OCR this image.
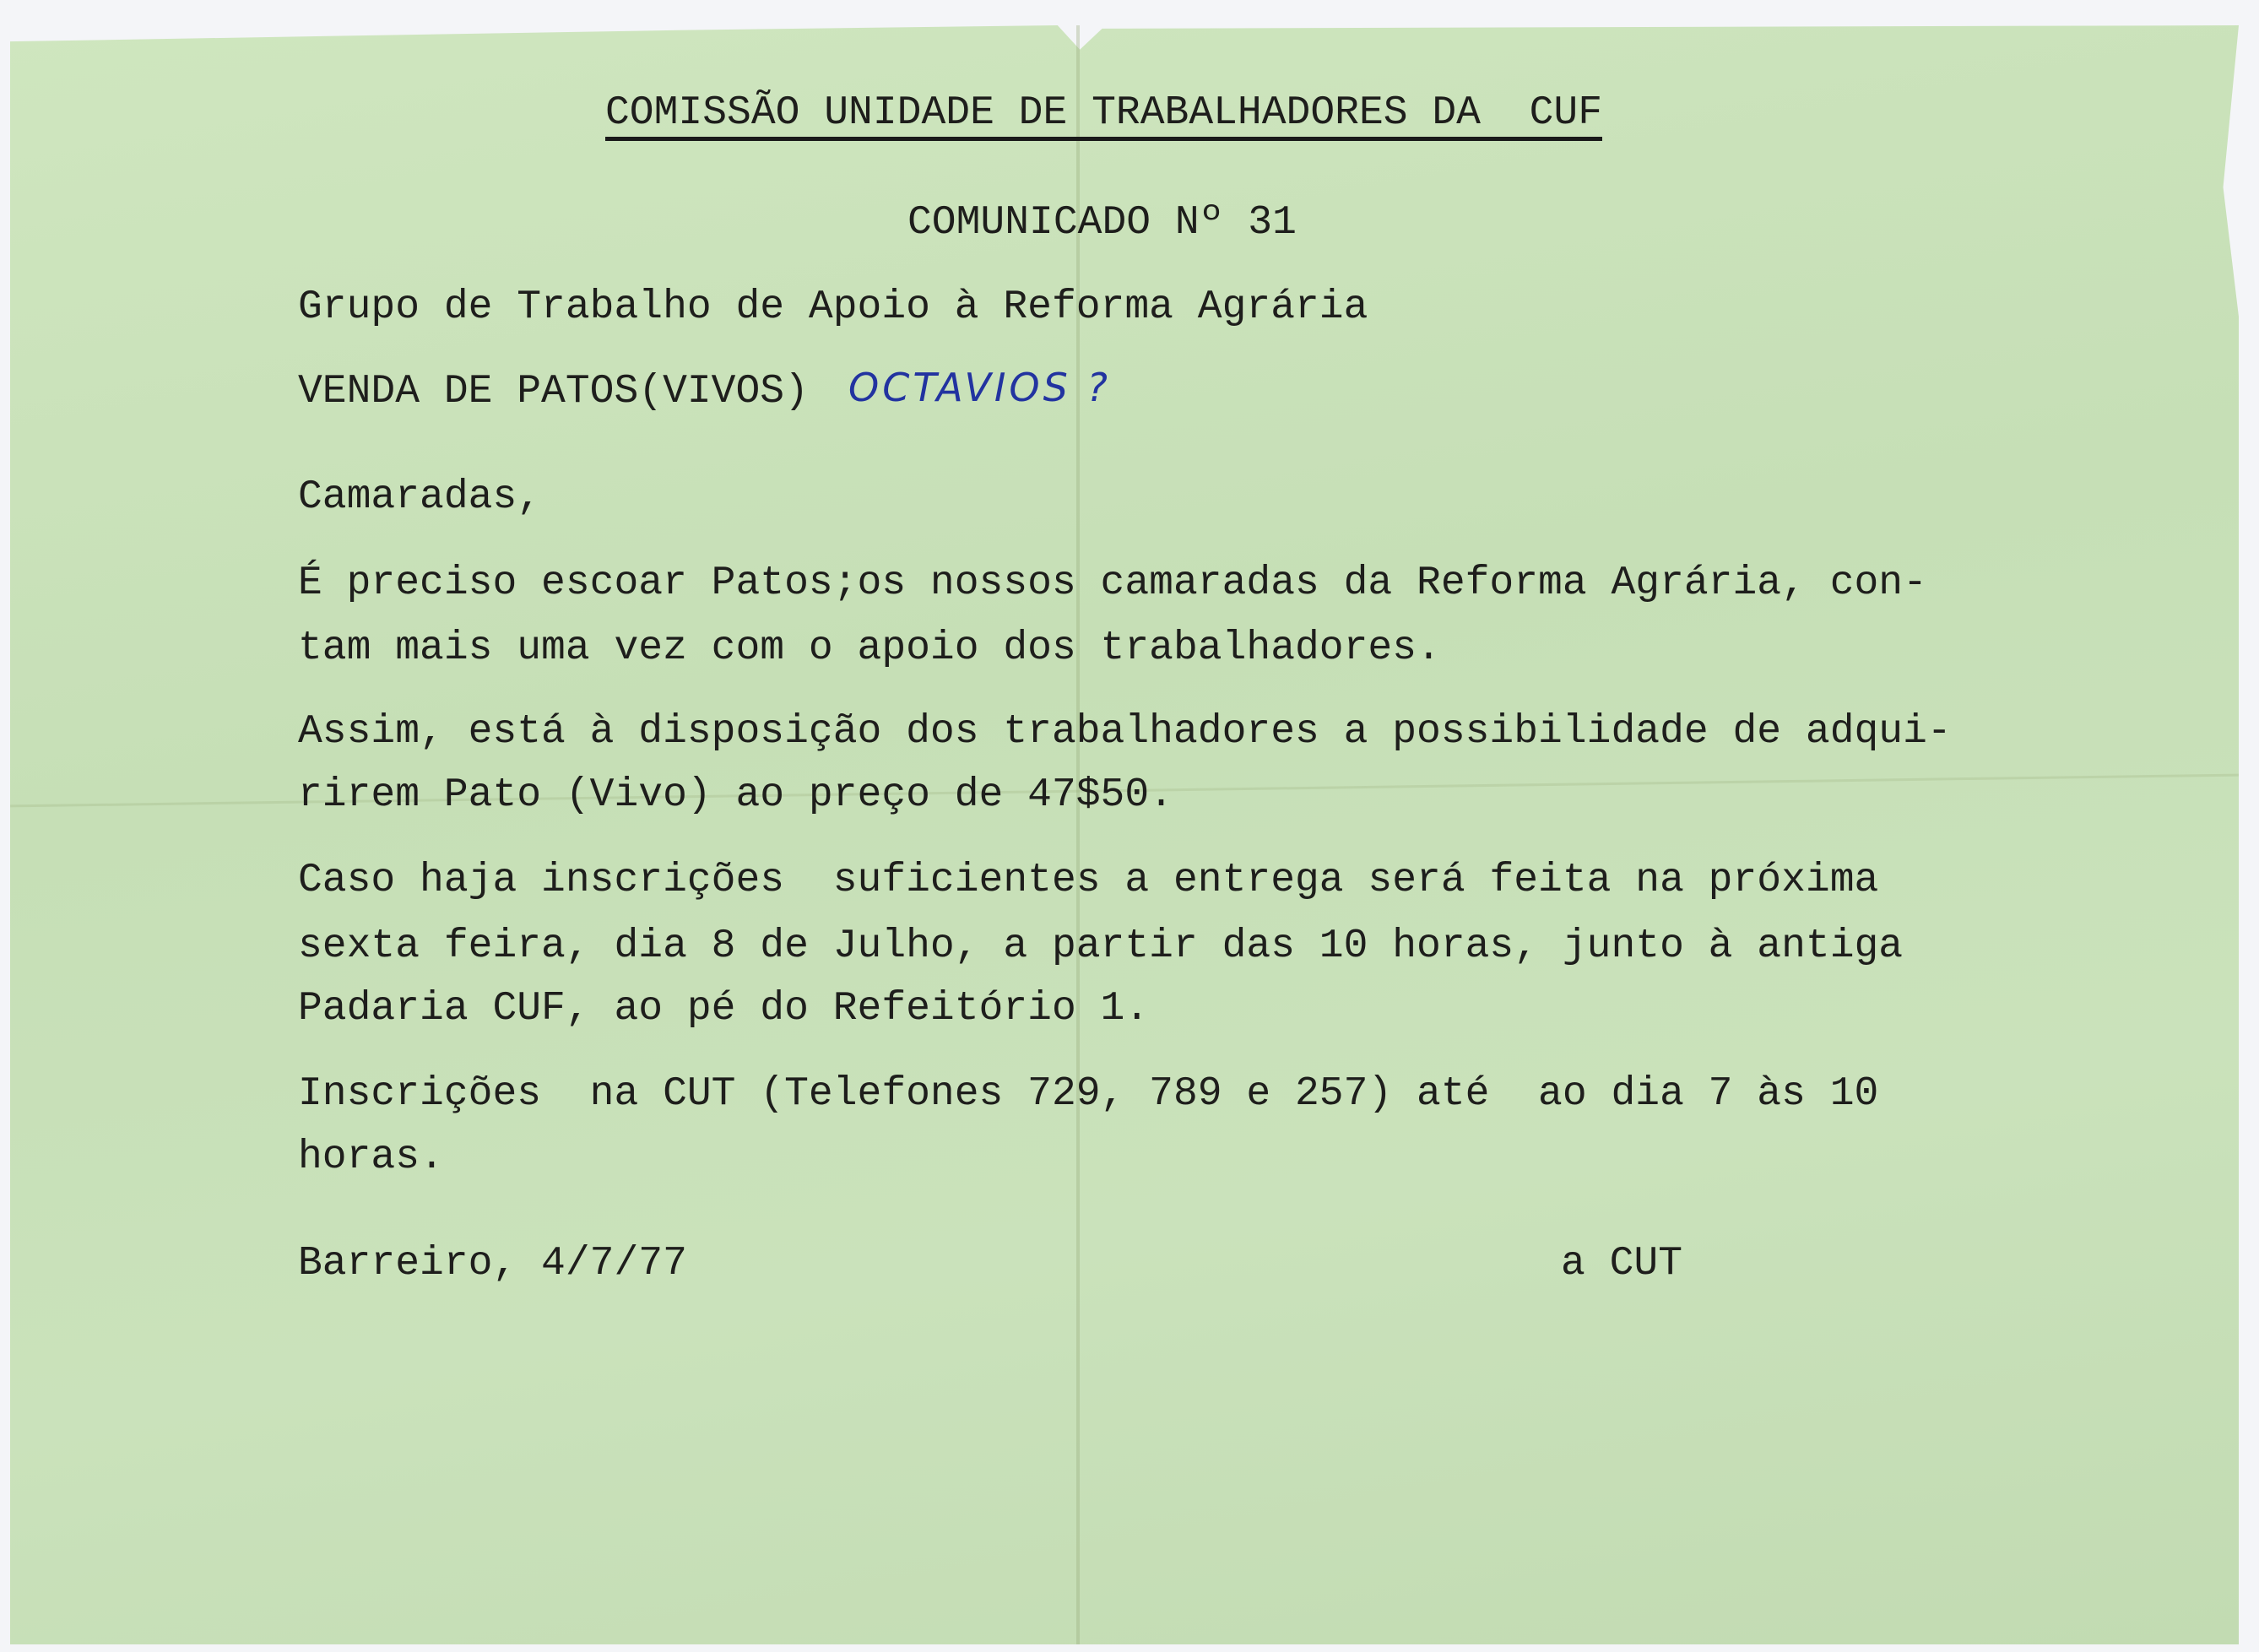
COMISSÃO UNIDADE DE TRABALHADORES DA  CUF
COMUNICADO Nº 31
Grupo de Trabalho de Apoio à Reforma Agrária
VENDA DE PATOS(VIVOS) OCTAVIOS ?
Camaradas,
É preciso escoar Patos;os nossos camaradas da Reforma Agrária, con-
tam mais uma vez com o apoio dos trabalhadores.
Assim, está à disposição dos trabalhadores a possibilidade de adqui-
rirem Pato (Vivo) ao preço de 47$50.
Caso haja inscrições  suficientes a entrega será feita na próxima
sexta feira, dia 8 de Julho, a partir das 10 horas, junto à antiga
Padaria CUF, ao pé do Refeitório 1.
Inscrições  na CUT (Telefones 729, 789 e 257) até  ao dia 7 às 10
horas.
Barreiro, 4/7/77	a CUT
